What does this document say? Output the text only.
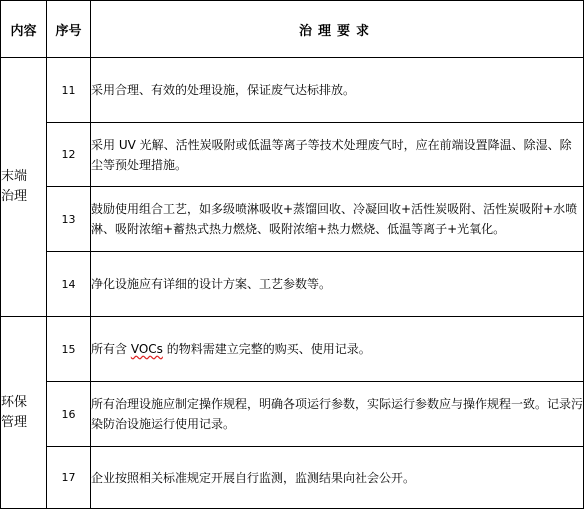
内容	序号	治理要求

末端
治理	11	采用合理、有效的处理设施，保证废气达标排放。
	12	采用 UV 光解、活性炭吸附或低温等离子等技术处理废气时，应在前端设置降温、除湿、除尘等预处理措施。
	13	鼓励使用组合工艺，如多级喷淋吸收+蒸馏回收、冷凝回收+活性炭吸附、活性炭吸附+水喷淋、吸附浓缩+蓄热式热力燃烧、吸附浓缩+热力燃烧、低温等离子+光氧化。
	14	净化设施应有详细的设计方案、工艺参数等。

环保
管理	15	所有含 VOCs 的物料需建立完整的购买、使用记录。
	16	所有治理设施应制定操作规程，明确各项运行参数，实际运行参数应与操作规程一致。记录污染防治设施运行使用记录。
	17	企业按照相关标准规定开展自行监测，监测结果向社会公开。
